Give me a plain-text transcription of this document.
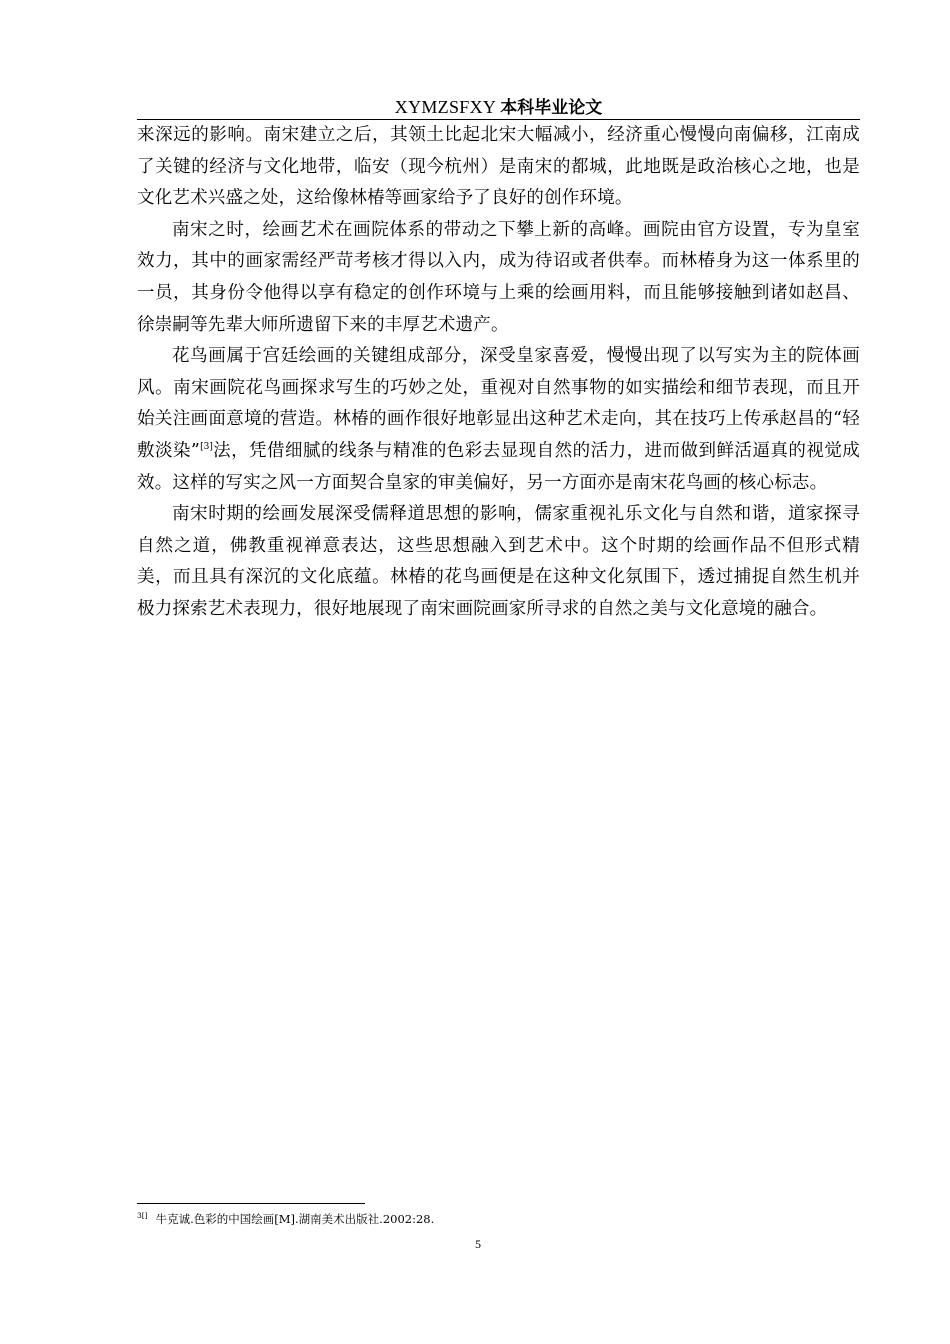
XYMZSFXY 本科毕业论文

来深远的影响。南宋建立之后，其领土比起北宋大幅减小，经济重心慢慢向南偏移，江南成了关键的经济与文化地带，临安（现今杭州）是南宋的都城，此地既是政治核心之地，也是文化艺术兴盛之处，这给像林椿等画家给予了良好的创作环境。

南宋之时，绘画艺术在画院体系的带动之下攀上新的高峰。画院由官方设置，专为皇室效力，其中的画家需经严苛考核才得以入内，成为待诏或者供奉。而林椿身为这一体系里的一员，其身份令他得以享有稳定的创作环境与上乘的绘画用料，而且能够接触到诸如赵昌、徐崇嗣等先辈大师所遗留下来的丰厚艺术遗产。

花鸟画属于宫廷绘画的关键组成部分，深受皇家喜爱，慢慢出现了以写实为主的院体画风。南宋画院花鸟画探求写生的巧妙之处，重视对自然事物的如实描绘和细节表现，而且开始关注画面意境的营造。林椿的画作很好地彰显出这种艺术走向，其在技巧上传承赵昌的“轻敷淡染”[3]法，凭借细腻的线条与精准的色彩去显现自然的活力，进而做到鲜活逼真的视觉成效。这样的写实之风一方面契合皇家的审美偏好，另一方面亦是南宋花鸟画的核心标志。

南宋时期的绘画发展深受儒释道思想的影响，儒家重视礼乐文化与自然和谐，道家探寻自然之道，佛教重视禅意表达，这些思想融入到艺术中。这个时期的绘画作品不但形式精美，而且具有深沉的文化底蕴。林椿的花鸟画便是在这种文化氛围下，透过捕捉自然生机并极力探索艺术表现力，很好地展现了南宋画院画家所寻求的自然之美与文化意境的融合。

$^{3[]}$ 牛克诚.色彩的中国绘画[M].湖南美术出版社.2002:28.
5
